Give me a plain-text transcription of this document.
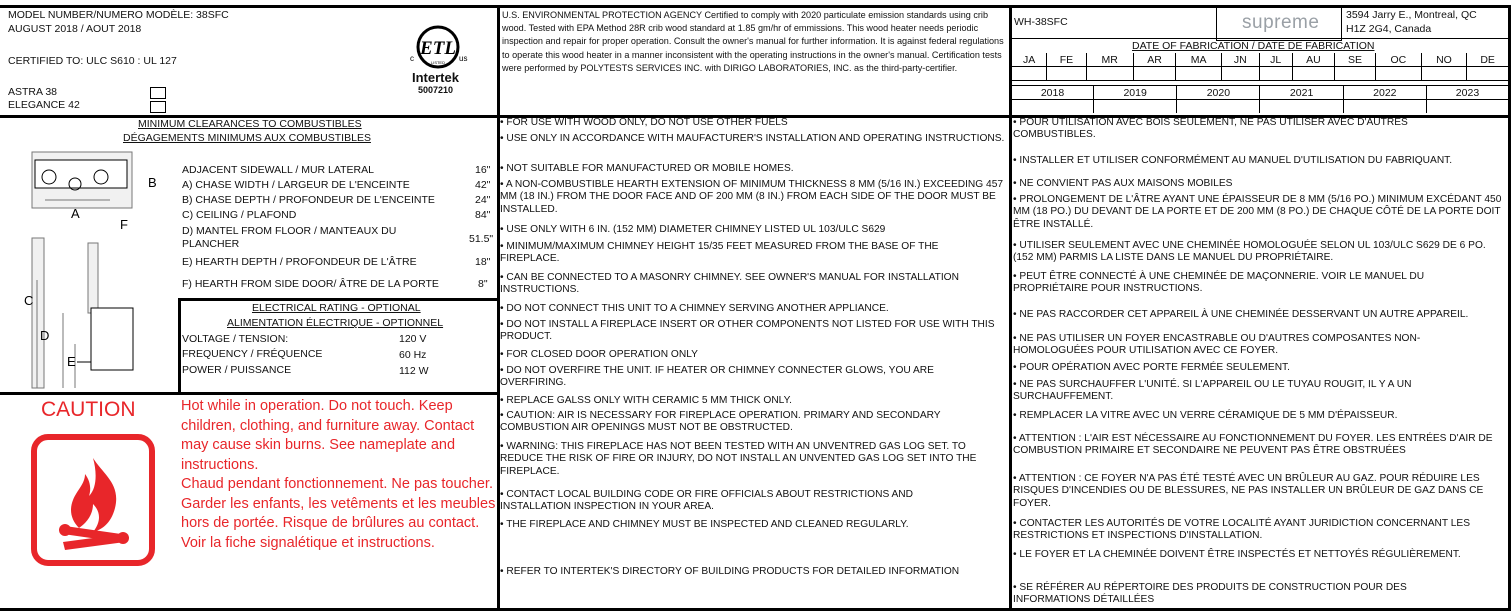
MODEL NUMBER/NUMERO MODÈLE: 38SFC
AUGUST 2018 / AOUT 2018
CERTIFIED TO: ULC S610 : UL 127
ASTRA 38
ELEGANCE 42
ETL
LISTED
c	us
Intertek
5007210
MINIMUM CLEARANCES TO COMBUSTIBLES
DÉGAGEMENTS MINIMUMS AUX COMBUSTIBLES
B
A
F
C
D
E
ADJACENT SIDEWALL / MUR LATERAL	16"
A) CHASE WIDTH / LARGEUR DE L'ENCEINTE	42"
B) CHASE DEPTH / PROFONDEUR DE L'ENCEINTE	24"
C) CEILING / PLAFOND	84"
D) MANTEL FROM FLOOR / MANTEAUX DU PLANCHER	51.5"
E) HEARTH DEPTH / PROFONDEUR DE L'ÂTRE	18"
F) HEARTH FROM SIDE DOOR/ ÂTRE DE LA PORTE	8"
ELECTRICAL RATING - OPTIONAL
ALIMENTATION ÉLECTRIQUE - OPTIONNEL
VOLTAGE / TENSION:	120 V
FREQUENCY / FRÉQUENCE	60 Hz
POWER / PUISSANCE	112 W
CAUTION	Hot while in operation. Do not touch. Keep children, clothing, and furniture away. Contact may cause skin burns. See nameplate and instructions.
Chaud pendant fonctionnement. Ne pas toucher. Garder les enfants, les vetêments et les meubles hors de portée. Risque de brûlures au contact. Voir la fiche signalétique et instructions.
U.S. ENVIRONMENTAL PROTECTION AGENCY Certified to comply with 2020 particulate emission standards using crib wood. Tested with EPA Method 28R crib wood standard at 1.85 gm/hr of emmissions. This wood heater needs periodic inspection and repair for proper operation. Consult the owner's manual for further information. It is against federal regulations to operate this wood heater in a manner inconsistent with the operating instructions in the owner's manual. Certification tests were performed by POLYTESTS SERVICES INC. with DIRIGO LABORATORIES, INC. as the third-party-certifier.
• FOR USE WITH WOOD ONLY, DO NOT USE OTHER FUELS
• USE ONLY IN ACCORDANCE WITH MAUFACTURER'S INSTALLATION AND OPERATING INSTRUCTIONS.
• NOT SUITABLE FOR MANUFACTURED OR MOBILE HOMES.
• A NON-COMBUSTIBLE HEARTH EXTENSION OF MINIMUM THICKNESS 8 MM (5/16 IN.) EXCEEDING 457 MM (18 IN.) FROM THE DOOR FACE AND OF 200 MM (8 IN.) FROM EACH SIDE OF THE DOOR MUST BE INSTALLED.
• USE ONLY WITH 6 IN. (152 MM) DIAMETER CHIMNEY LISTED UL 103/ULC S629
• MINIMUM/MAXIMUM CHIMNEY HEIGHT 15/35 FEET MEASURED FROM THE BASE OF THE FIREPLACE.
• CAN BE CONNECTED TO A MASONRY CHIMNEY. SEE OWNER'S MANUAL FOR INSTALLATION INSTRUCTIONS.
• DO NOT CONNECT THIS UNIT TO A CHIMNEY SERVING ANOTHER APPLIANCE.
• DO NOT INSTALL A FIREPLACE INSERT OR OTHER COMPONENTS NOT LISTED FOR USE WITH THIS PRODUCT.
• FOR CLOSED DOOR OPERATION ONLY
• DO NOT OVERFIRE THE UNIT. IF HEATER OR CHIMNEY CONNECTER GLOWS, YOU ARE OVERFIRING.
• REPLACE GALSS ONLY WITH CERAMIC 5 MM THICK ONLY.
• CAUTION: AIR IS NECESSARY FOR FIREPLACE OPERATION. PRIMARY AND SECONDARY COMBUSTION AIR OPENINGS MUST NOT BE OBSTRUCTED.
• WARNING: THIS FIREPLACE HAS NOT BEEN TESTED WITH AN UNVENTRED GAS LOG SET. TO REDUCE THE RISK OF FIRE OR INJURY, DO NOT INSTALL AN UNVENTED GAS LOG SET INTO THE FIREPLACE.
• CONTACT LOCAL BUILDING CODE OR FIRE OFFICIALS ABOUT RESTRICTIONS AND INSTALLATION INSPECTION IN YOUR AREA.
• THE FIREPLACE AND CHIMNEY MUST BE INSPECTED AND CLEANED REGULARLY.
• REFER TO INTERTEK'S DIRECTORY OF BUILDING PRODUCTS FOR DETAILED INFORMATION
WH-38SFC	supreme	3594 Jarry E., Montreal, QC
H1Z 2G4, Canada
DATE OF FABRICATION / DATE DE FABRICATION
JA	FE	MR	AR	MA	JN	JL	AU	SE	OC	NO	DE

2018	2019	2020	2021	2022	2023

• POUR UTILISATION AVEC BOIS SEULEMENT, NE PAS UTILISER AVEC D'AUTRES COMBUSTIBLES.
• INSTALLER ET UTILISER CONFORMÉMENT AU MANUEL D'UTILISATION DU FABRIQUANT.
• NE CONVIENT PAS AUX MAISONS MOBILES
• PROLONGEMENT DE L'ÂTRE AYANT UNE ÉPAISSEUR DE 8 MM (5/16 PO.) MINIMUM EXCÉDANT 450 MM (18 PO.) DU DEVANT DE LA PORTE ET DE 200 MM (8 PO.) DE CHAQUE CÔTÉ DE LA PORTE DOIT ÊTRE INSTALLÉ.
• UTILISER SEULEMENT AVEC UNE CHEMINÉE HOMOLOGUÉE SELON UL 103/ULC S629 DE 6 PO. (152 MM) PARMIS LA LISTE DANS LE MANUEL DU PROPRIÉTAIRE.
• PEUT ÊTRE CONNECTÉ À UNE CHEMINÉE DE MAÇONNERIE. VOIR LE MANUEL DU PROPRIÉTAIRE POUR INSTRUCTIONS.
• NE PAS RACCORDER CET APPAREIL À UNE CHEMINÉE DESSERVANT UN AUTRE APPAREIL.
• NE PAS UTILISER UN FOYER ENCASTRABLE OU D'AUTRES COMPOSANTES NON-HOMOLOGUÉES POUR UTILISATION AVEC CE FOYER.
• POUR OPÉRATION AVEC PORTE FERMÉE SEULEMENT.
• NE PAS SURCHAUFFER L'UNITÉ. SI L'APPAREIL OU LE TUYAU ROUGIT, IL Y A UN SURCHAUFFEMENT.
• REMPLACER LA VITRE AVEC UN VERRE CÉRAMIQUE DE 5 MM D'ÉPAISSEUR.
• ATTENTION : L'AIR EST NÉCESSAIRE AU FONCTIONNEMENT DU FOYER. LES ENTRÉES D'AIR DE COMBUSTION PRIMAIRE ET SECONDAIRE NE PEUVENT PAS ÊTRE OBSTRUÉES
• ATTENTION : CE FOYER N'A PAS ÉTÉ TESTÉ AVEC UN BRÛLEUR AU GAZ. POUR RÉDUIRE LES RISQUES D'INCENDIES OU DE BLESSURES, NE PAS INSTALLER UN BRÛLEUR DE GAZ DANS CE FOYER.
• CONTACTER LES AUTORITÉS DE VOTRE LOCALITÉ AYANT JURIDICTION CONCERNANT LES RESTRICTIONS ET INSPECTIONS D'INSTALLATION.
• LE FOYER ET LA CHEMINÉE DOIVENT ÊTRE INSPECTÉS ET NETTOYÉS RÉGULIÈREMENT.
• SE RÉFÉRER AU RÉPERTOIRE DES PRODUITS DE CONSTRUCTION POUR DES INFORMATIONS DÉTAILLÉES
